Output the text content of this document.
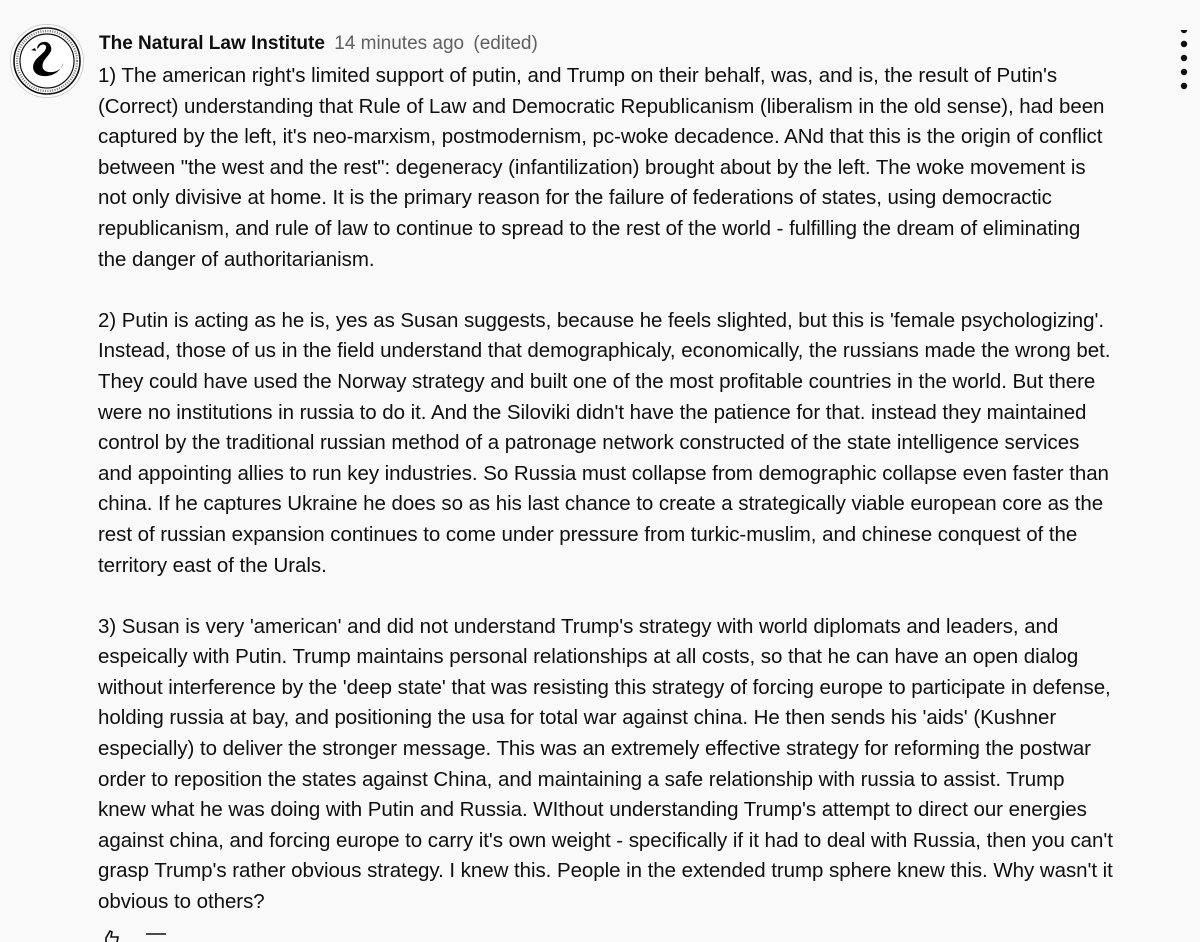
The Natural Law Institute 14 minutes ago (edited)

1) The american right's limited support of putin, and Trump on their behalf, was, and is, the result of Putin's
(Correct) understanding that Rule of Law and Democratic Republicanism (liberalism in the old sense), had been
captured by the left, it's neo-marxism, postmodernism, pc-woke decadence. ANd that this is the origin of conflict
between "the west and the rest": degeneracy (infantilization) brought about by the left. The woke movement is
not only divisive at home. It is the primary reason for the failure of federations of states, using democractic
republicanism, and rule of law to continue to spread to the rest of the world - fulfilling the dream of eliminating
the danger of authoritarianism.

2) Putin is acting as he is, yes as Susan suggests, because he feels slighted, but this is 'female psychologizing'.
Instead, those of us in the field understand that demographicaly, economically, the russians made the wrong bet.
They could have used the Norway strategy and built one of the most profitable countries in the world. But there
were no institutions in russia to do it. And the Siloviki didn't have the patience for that. instead they maintained
control by the traditional russian method of a patronage network constructed of the state intelligence services
and appointing allies to run key industries. So Russia must collapse from demographic collapse even faster than
china. If he captures Ukraine he does so as his last chance to create a strategically viable european core as the
rest of russian expansion continues to come under pressure from turkic-muslim, and chinese conquest of the
territory east of the Urals.

3) Susan is very 'american' and did not understand Trump's strategy with world diplomats and leaders, and
espeically with Putin. Trump maintains personal relationships at all costs, so that he can have an open dialog
without interference by the 'deep state' that was resisting this strategy of forcing europe to participate in defense,
holding russia at bay, and positioning the usa for total war against china. He then sends his 'aids' (Kushner
especially) to deliver the stronger message. This was an extremely effective strategy for reforming the postwar
order to reposition the states against China, and maintaining a safe relationship with russia to assist. Trump
knew what he was doing with Putin and Russia. WIthout understanding Trump's attempt to direct our energies
against china, and forcing europe to carry it's own weight - specifically if it had to deal with Russia, then you can't
grasp Trump's rather obvious strategy. I knew this. People in the extended trump sphere knew this. Why wasn't it
obvious to others?
